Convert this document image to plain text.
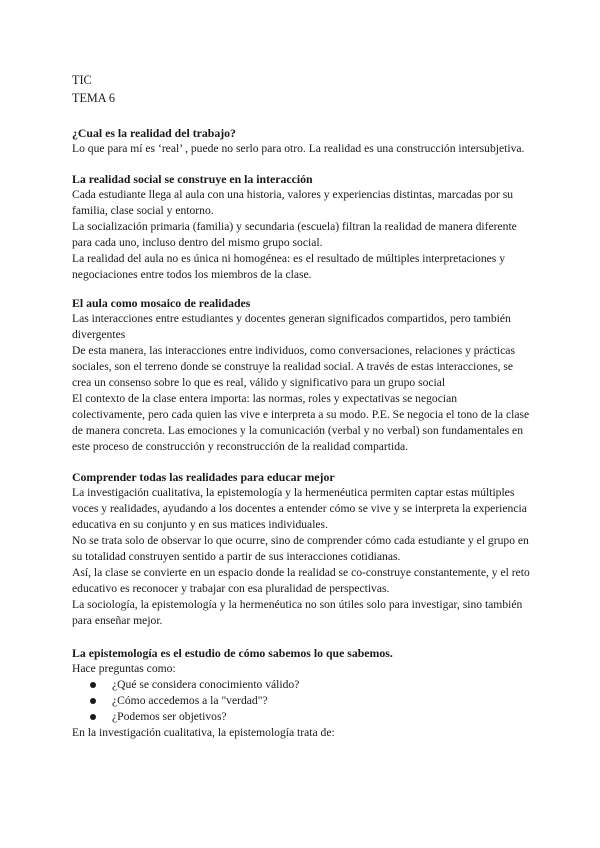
TIC

TEMA 6

¿Cual es la realidad del trabajo?

Lo que para mí es ‘real’ , puede no serlo para otro. La realidad es una construcción intersubjetiva.

La realidad social se construye en la interacción

Cada estudiante llega al aula con una historia, valores y experiencias distintas, marcadas por su familia, clase social y entorno.

La socialización primaria (familia) y secundaria (escuela) filtran la realidad de manera diferente para cada uno, incluso dentro del mismo grupo social.

La realidad del aula no es única ni homogénea: es el resultado de múltiples interpretaciones y negociaciones entre todos los miembros de la clase.

El aula como mosaico de realidades

Las interacciones entre estudiantes y docentes generan significados compartidos, pero también divergentes

De esta manera, las interacciones entre individuos, como conversaciones, relaciones y prácticas sociales, son el terreno donde se construye la realidad social. A través de estas interacciones, se crea un consenso sobre lo que es real, válido y significativo para un grupo social

El contexto de la clase entera importa: las normas, roles y expectativas se negocian colectivamente, pero cada quien las vive e interpreta a su modo. P.E. Se negocia el tono de la clase de manera concreta. Las emociones y la comunicación (verbal y no verbal) son fundamentales en este proceso de construcción y reconstrucción de la realidad compartida.

Comprender todas las realidades para educar mejor

La investigación cualitativa, la epistemología y la hermenéutica permiten captar estas múltiples voces y realidades, ayudando a los docentes a entender cómo se vive y se interpreta la experiencia educativa en su conjunto y en sus matices individuales.

No se trata solo de observar lo que ocurre, sino de comprender cómo cada estudiante y el grupo en su totalidad construyen sentido a partir de sus interacciones cotidianas.

Así, la clase se convierte en un espacio donde la realidad se co-construye constantemente, y el reto educativo es reconocer y trabajar con esa pluralidad de perspectivas.

La sociología, la epistemología y la hermenéutica no son útiles solo para investigar, sino también para enseñar mejor.

La epistemología es el estudio de cómo sabemos lo que sabemos.

Hace preguntas como:

¿Qué se considera conocimiento válido?
¿Cómo accedemos a la "verdad"?
¿Podemos ser objetivos?

En la investigación cualitativa, la epistemología trata de:
